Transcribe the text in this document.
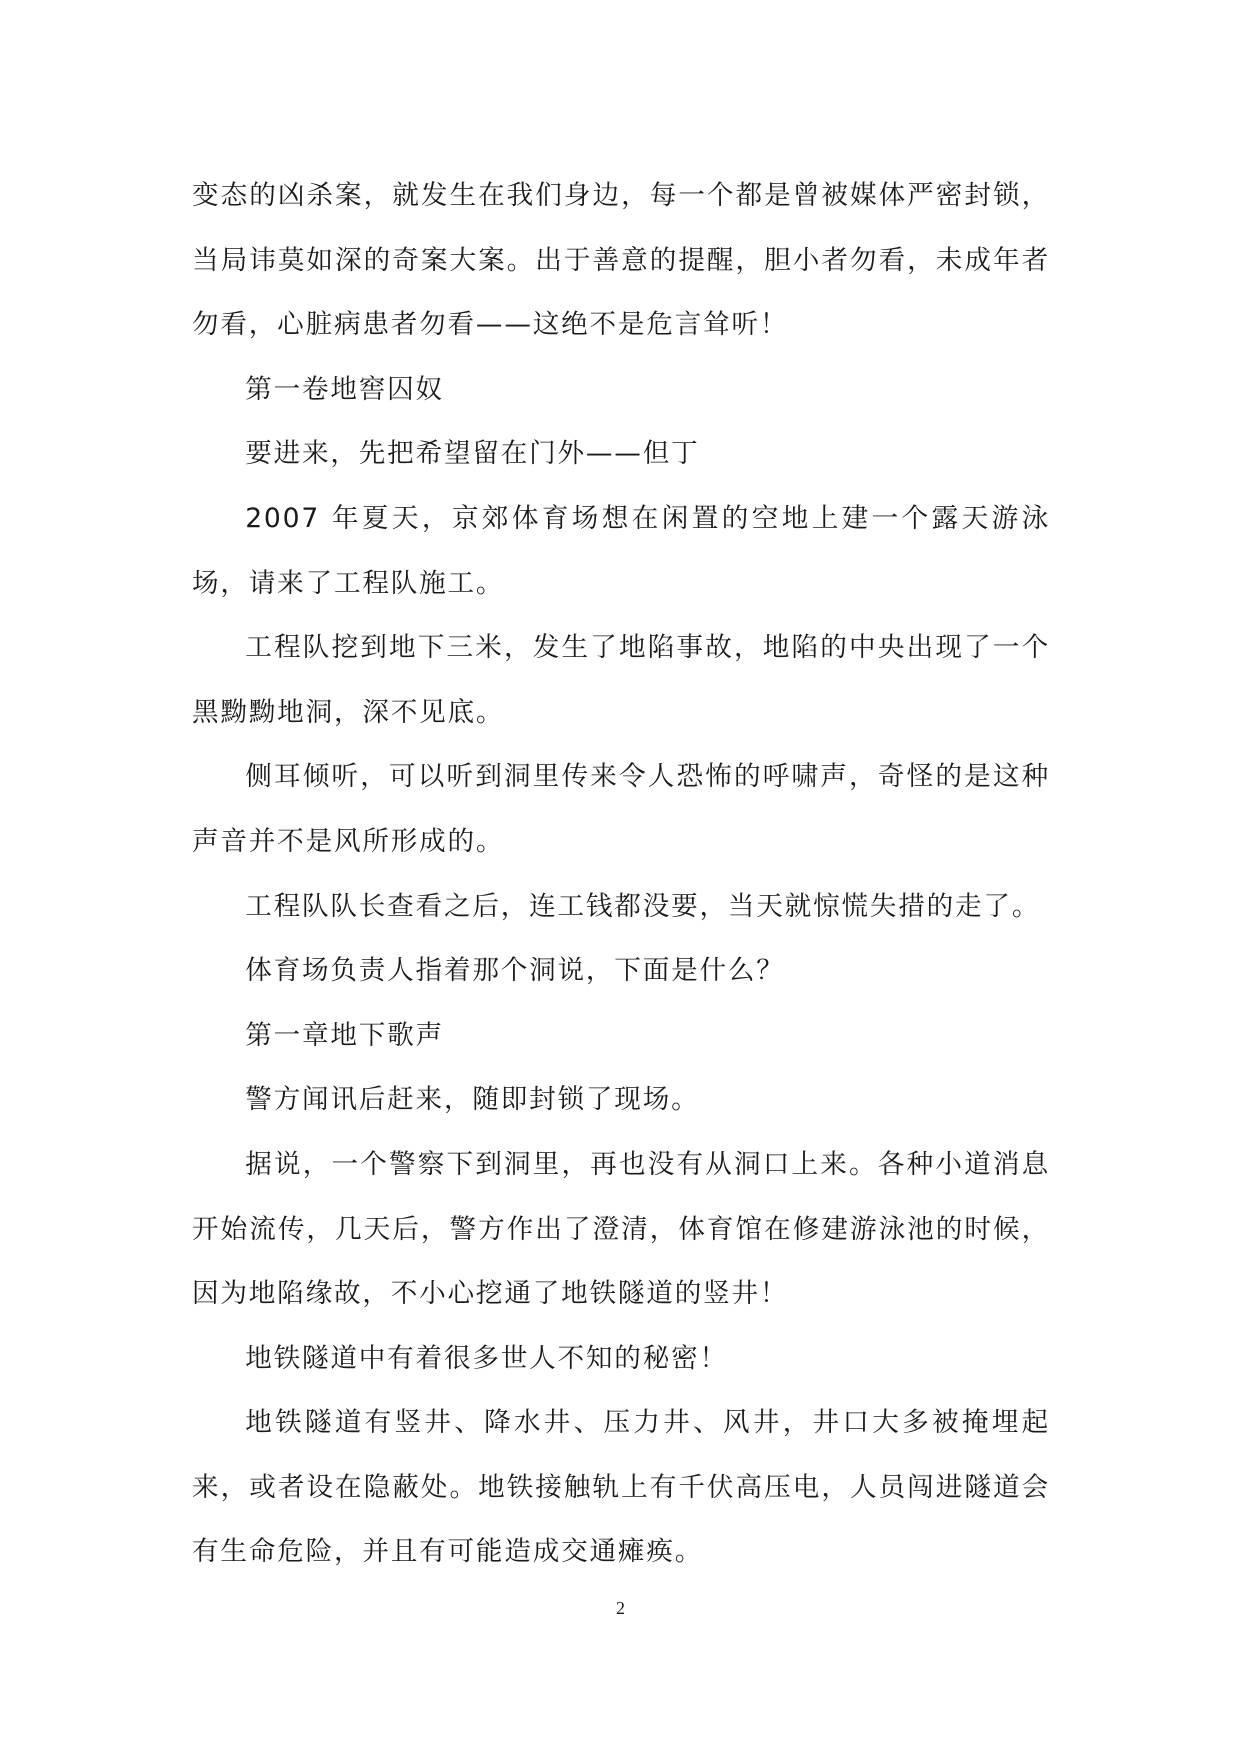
变态的凶杀案，就发生在我们身边，每一个都是曾被媒体严密封锁，当局讳莫如深的奇案大案。出于善意的提醒，胆小者勿看，未成年者勿看，心脏病患者勿看——这绝不是危言耸听！

第一卷地窖囚奴

要进来，先把希望留在门外——但丁

2007 年夏天，京郊体育场想在闲置的空地上建一个露天游泳场，请来了工程队施工。

工程队挖到地下三米，发生了地陷事故，地陷的中央出现了一个黑黝黝地洞，深不见底。

侧耳倾听，可以听到洞里传来令人恐怖的呼啸声，奇怪的是这种声音并不是风所形成的。

工程队队长查看之后，连工钱都没要，当天就惊慌失措的走了。

体育场负责人指着那个洞说，下面是什么？

第一章地下歌声

警方闻讯后赶来，随即封锁了现场。

据说，一个警察下到洞里，再也没有从洞口上来。各种小道消息开始流传，几天后，警方作出了澄清，体育馆在修建游泳池的时候，因为地陷缘故，不小心挖通了地铁隧道的竖井！

地铁隧道中有着很多世人不知的秘密！

地铁隧道有竖井、降水井、压力井、风井，井口大多被掩埋起来，或者设在隐蔽处。地铁接触轨上有千伏高压电，人员闯进隧道会有生命危险，并且有可能造成交通瘫痪。

2
